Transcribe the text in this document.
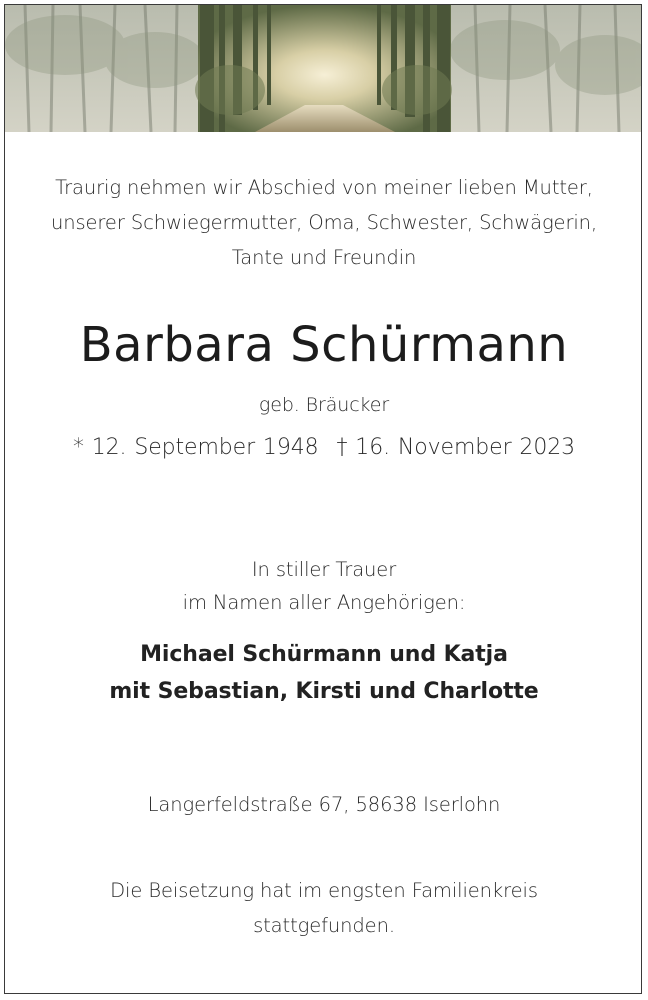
Traurig nehmen wir Abschied von meiner lieben Mutter,
unserer Schwiegermutter, Oma, Schwester, Schwägerin,
Tante und Freundin
Barbara Schürmann
geb. Bräucker
* 12. September 1948 † 16. November 2023
In stiller Trauer
im Namen aller Angehörigen:
Michael Schürmann und Katja
mit Sebastian, Kirsti und Charlotte
Langerfeldstraße 67, 58638 Iserlohn
Die Beisetzung hat im engsten Familienkreis
stattgefunden.
